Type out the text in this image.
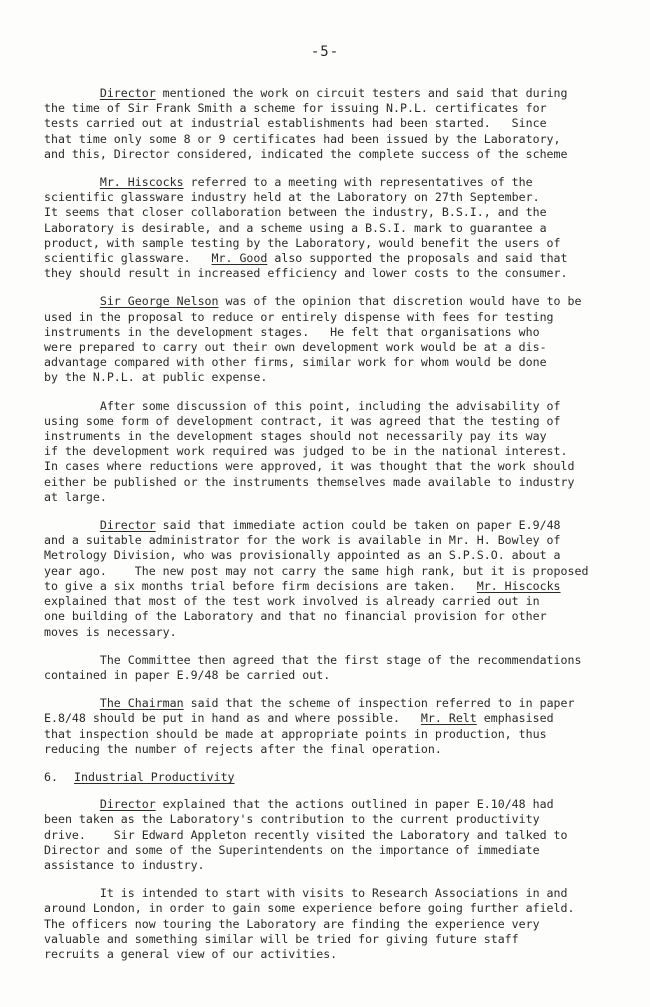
-5-
Director mentioned the work on circuit testers and said that during
the time of Sir Frank Smith a scheme for issuing N.P.L. certificates for
tests carried out at industrial establishments had been started.   Since
that time only some 8 or 9 certificates had been issued by the Laboratory,
and this, Director considered, indicated the complete success of the scheme
Mr. Hiscocks referred to a meeting with representatives of the
scientific glassware industry held at the Laboratory on 27th September.
It seems that closer collaboration between the industry, B.S.I., and the
Laboratory is desirable, and a scheme using a B.S.I. mark to guarantee a
product, with sample testing by the Laboratory, would benefit the users of
scientific glassware.   Mr. Good also supported the proposals and said that
they should result in increased efficiency and lower costs to the consumer.
Sir George Nelson was of the opinion that discretion would have to be
used in the proposal to reduce or entirely dispense with fees for testing
instruments in the development stages.   He felt that organisations who
were prepared to carry out their own development work would be at a dis-
advantage compared with other firms, similar work for whom would be done
by the N.P.L. at public expense.
After some discussion of this point, including the advisability of
using some form of development contract, it was agreed that the testing of
instruments in the development stages should not necessarily pay its way
if the development work required was judged to be in the national interest.
In cases where reductions were approved, it was thought that the work should
either be published or the instruments themselves made available to industry
at large.
Director said that immediate action could be taken on paper E.9/48
and a suitable administrator for the work is available in Mr. H. Bowley of
Metrology Division, who was provisionally appointed as an S.P.S.O. about a
year ago.    The new post may not carry the same high rank, but it is proposed
to give a six months trial before firm decisions are taken.   Mr. Hiscocks
explained that most of the test work involved is already carried out in
one building of the Laboratory and that no financial provision for other
moves is necessary.
The Committee then agreed that the first stage of the recommendations
contained in paper E.9/48 be carried out.
The Chairman said that the scheme of inspection referred to in paper
E.8/48 should be put in hand as and where possible.   Mr. Relt emphasised
that inspection should be made at appropriate points in production, thus
reducing the number of rejects after the final operation.
6. Industrial Productivity
Director explained that the actions outlined in paper E.10/48 had
been taken as the Laboratory's contribution to the current productivity
drive.    Sir Edward Appleton recently visited the Laboratory and talked to
Director and some of the Superintendents on the importance of immediate
assistance to industry.
It is intended to start with visits to Research Associations in and
around London, in order to gain some experience before going further afield.
The officers now touring the Laboratory are finding the experience very
valuable and something similar will be tried for giving future staff
recruits a general view of our activities.
